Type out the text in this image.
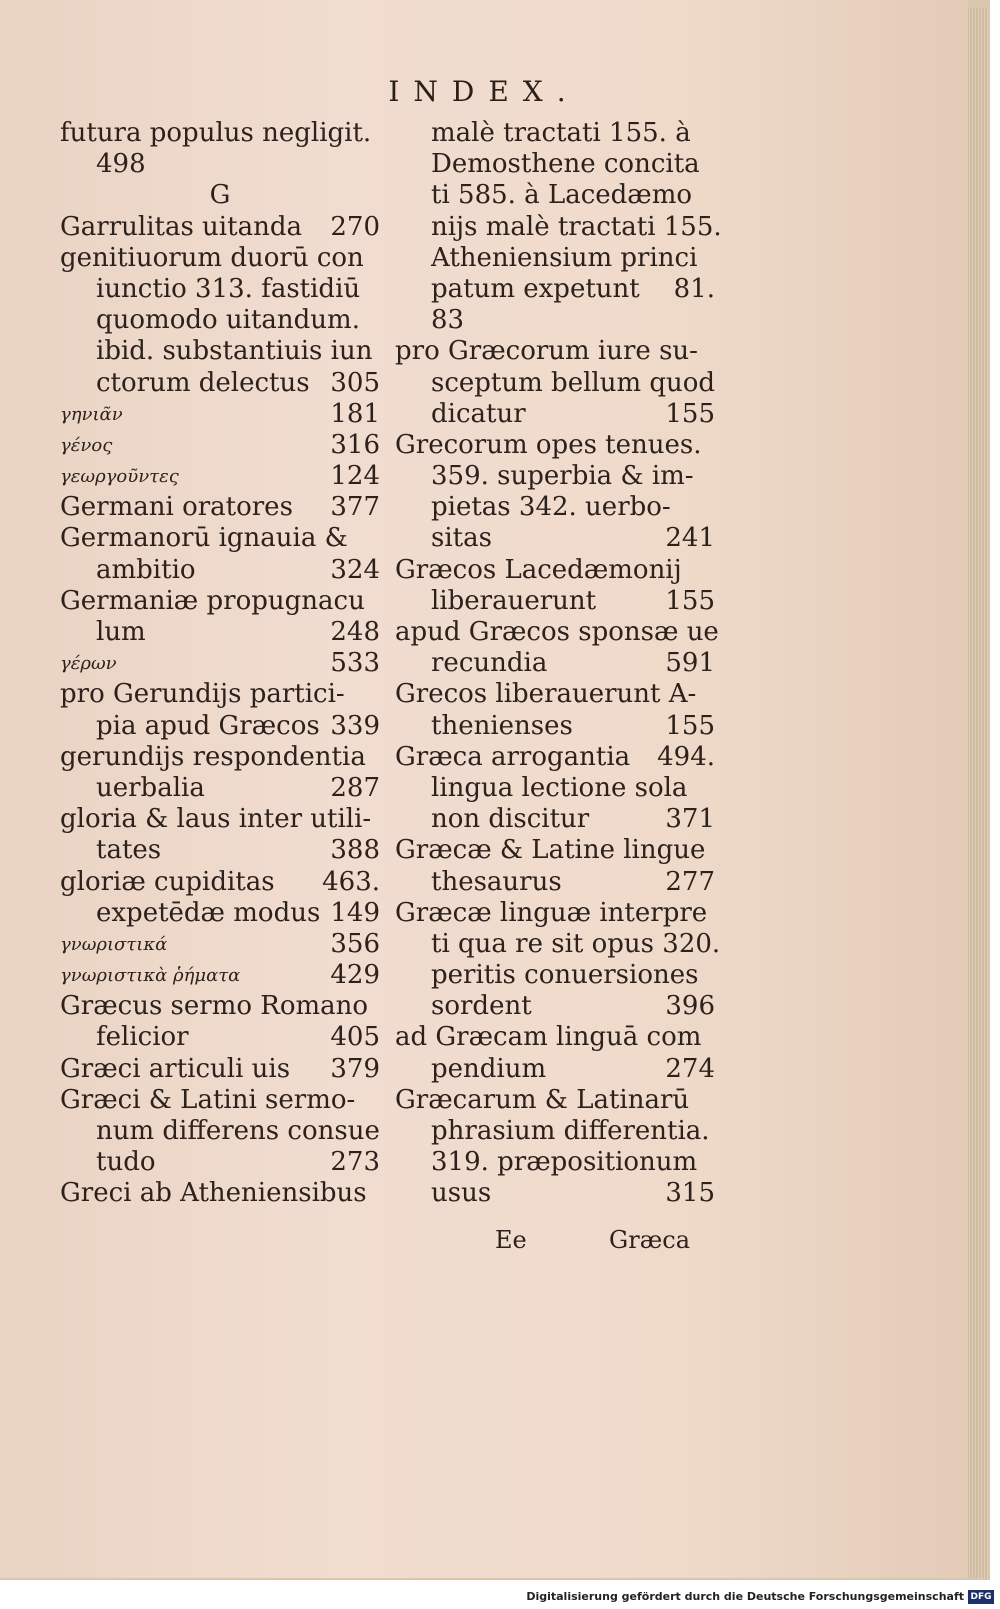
INDEX.
futura populus negligit.
498
G
Garrulitas uitanda	270
genitiuorum duorū con
iunctio 313. fastidiū
quomodo uitandum.
ibid. substantiuis iun
ctorum delectus 305
γηνιᾶν	181
γένος	316
γεωργοῦντες	124
Germani oratores	377
Germanorū ignauia &
ambitio	324
Germaniæ propugnacu
lum	248
γέρων	533
pro Gerundijs partici-
pia apud Græcos 339
gerundijs respondentia
uerbalia	287
gloria & laus inter utili-
tates	388
gloriæ cupiditas	463.
expetēdæ modus 149
γνωριστικά	356
γνωριστικὰ ῥήματα	429
Græcus sermo Romano
felicior	405
Græci articuli uis	379
Græci & Latini sermo-
num differens consue
tudo	273
Greci ab Atheniensibus
malè tractati 155. à
Demosthene concita
ti 585. à Lacedæmo
nijs malè tractati 155.
Atheniensium princi
patum expetunt	81.
83
pro Græcorum iure su-
sceptum bellum quod
dicatur	155
Grecorum opes tenues.
359. superbia & im-
pietas 342. uerbo-
sitas	241
Græcos Lacedæmonij
liberauerunt	155
apud Græcos sponsæ ue
recundia	591
Grecos liberauerunt A-
thenienses	155
Græca arrogantia	494.
lingua lectione sola
non discitur	371
Græcæ & Latine lingue
thesaurus	277
Græcæ linguæ interpre
ti qua re sit opus 320.
peritis conuersiones
sordent	396
ad Græcam linguā com
pendium	274
Græcarum & Latinarū
phrasium differentia.
319. præpositionum
usus	315
Ee	Græca
Digitalisierung gefördert durch die Deutsche Forschungsgemeinschaft DFG
